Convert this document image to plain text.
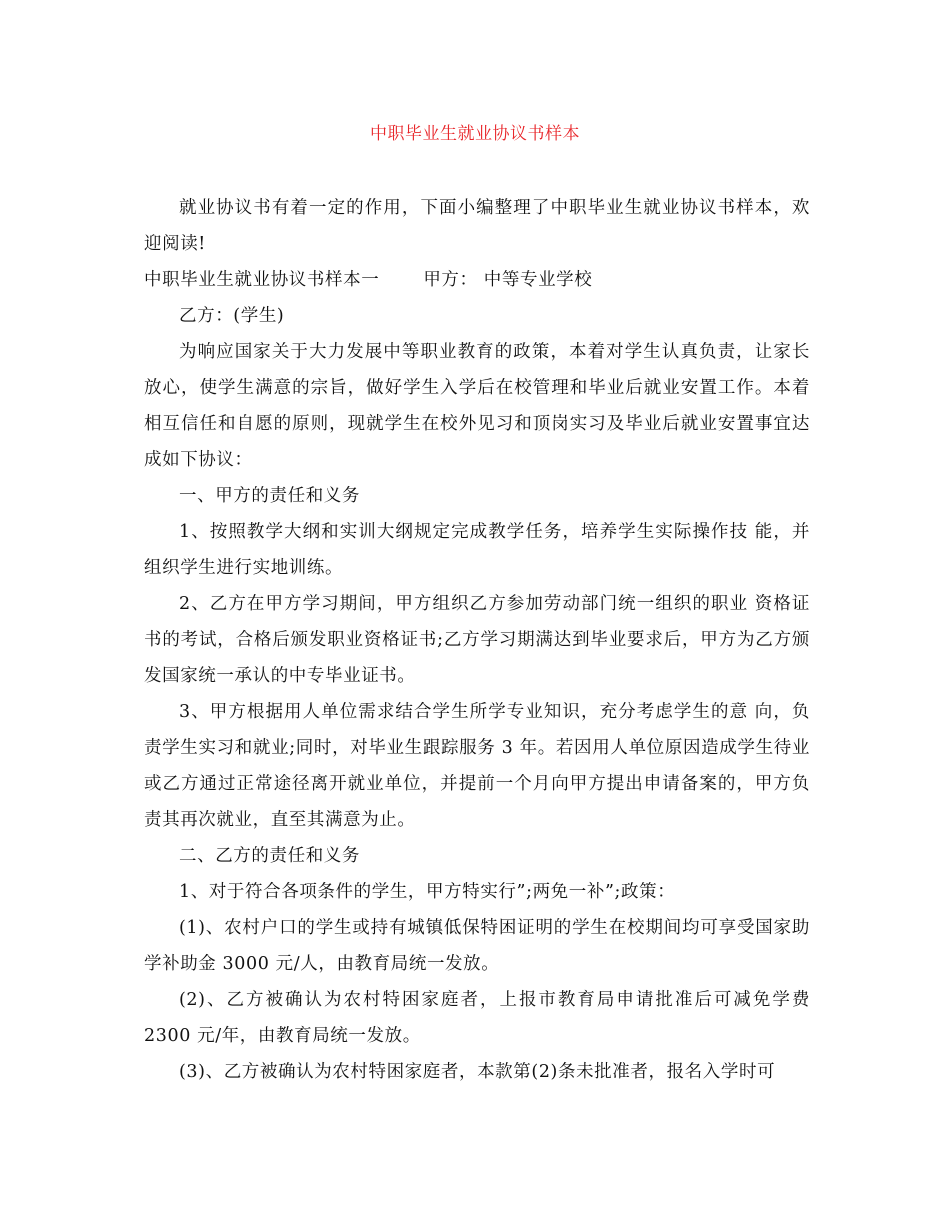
中职毕业生就业协议书样本

就业协议书有着一定的作用，下面小编整理了中职毕业生就业协议书样本，欢迎阅读!

中职毕业生就业协议书样本一	甲方： 中等专业学校

乙方：(学生)

为响应国家关于大力发展中等职业教育的政策，本着对学生认真负责，让家长放心，使学生满意的宗旨，做好学生入学后在校管理和毕业后就业安置工作。本着相互信任和自愿的原则，现就学生在校外见习和顶岗实习及毕业后就业安置事宜达成如下协议：

一、甲方的责任和义务

1、按照教学大纲和实训大纲规定完成教学任务，培养学生实际操作技 能，并组织学生进行实地训练。

2、乙方在甲方学习期间，甲方组织乙方参加劳动部门统一组织的职业 资格证书的考试，合格后颁发职业资格证书;乙方学习期满达到毕业要求后，甲方为乙方颁发国家统一承认的中专毕业证书。

3、甲方根据用人单位需求结合学生所学专业知识，充分考虑学生的意 向，负责学生实习和就业;同时，对毕业生跟踪服务 3 年。若因用人单位原因造成学生待业或乙方通过正常途径离开就业单位，并提前一个月向甲方提出申请备案的，甲方负责其再次就业，直至其满意为止。

二、乙方的责任和义务

1、对于符合各项条件的学生，甲方特实行”;两免一补”;政策：

(1)、农村户口的学生或持有城镇低保特困证明的学生在校期间均可享受国家助学补助金 3000 元/人，由教育局统一发放。

(2)、乙方被确认为农村特困家庭者，上报市教育局申请批准后可减免学费 2300 元/年，由教育局统一发放。

(3)、乙方被确认为农村特困家庭者，本款第(2)条未批准者，报名入学时可
